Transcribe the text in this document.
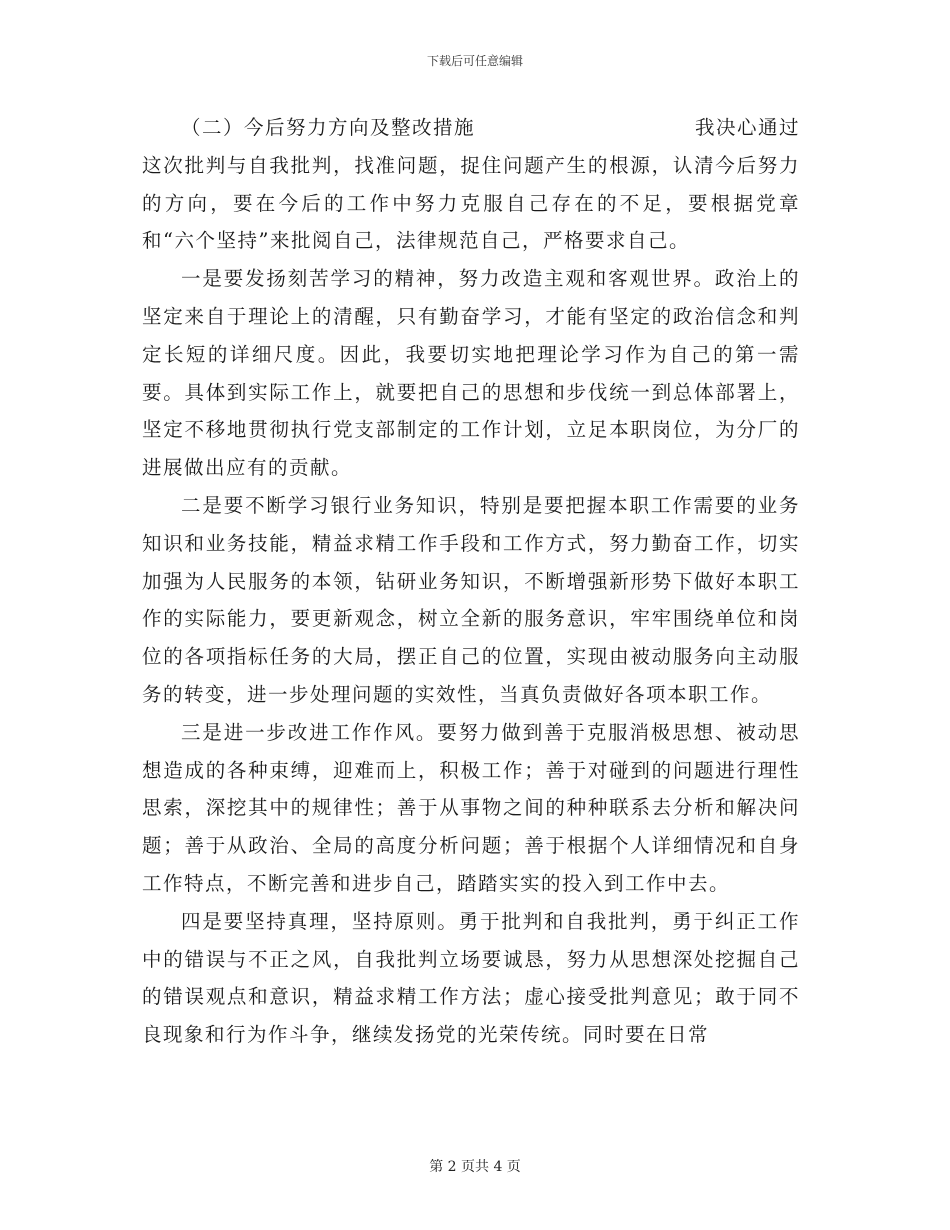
下载后可任意编辑
（二）今后努力方向及整改措施	我决心通过

这次批判与自我批判，找准问题，捉住问题产生的根源，认清今后努力的方向，要在今后的工作中努力克服自己存在的不足，要根据党章和“六个坚持”来批阅自己，法律规范自己，严格要求自己。

一是要发扬刻苦学习的精神，努力改造主观和客观世界。政治上的坚定来自于理论上的清醒，只有勤奋学习，才能有坚定的政治信念和判定长短的详细尺度。因此，我要切实地把理论学习作为自己的第一需要。具体到实际工作上，就要把自己的思想和步伐统一到总体部署上，坚定不移地贯彻执行党支部制定的工作计划，立足本职岗位，为分厂的进展做出应有的贡献。

二是要不断学习银行业务知识，特别是要把握本职工作需要的业务知识和业务技能，精益求精工作手段和工作方式，努力勤奋工作，切实加强为人民服务的本领，钻研业务知识，不断增强新形势下做好本职工作的实际能力，要更新观念，树立全新的服务意识，牢牢围绕单位和岗位的各项指标任务的大局，摆正自己的位置，实现由被动服务向主动服务的转变，进一步处理问题的实效性，当真负责做好各项本职工作。

三是进一步改进工作作风。要努力做到善于克服消极思想、被动思想造成的各种束缚，迎难而上，积极工作；善于对碰到的问题进行理性思索，深挖其中的规律性；善于从事物之间的种种联系去分析和解决问题；善于从政治、全局的高度分析问题；善于根据个人详细情况和自身工作特点，不断完善和进步自己，踏踏实实的投入到工作中去。

四是要坚持真理，坚持原则。勇于批判和自我批判，勇于纠正工作中的错误与不正之风，自我批判立场要诚恳，努力从思想深处挖掘自己的错误观点和意识，精益求精工作方法；虚心接受批判意见；敢于同不良现象和行为作斗争，继续发扬党的光荣传统。同时要在日常

第 2 页共 4 页
